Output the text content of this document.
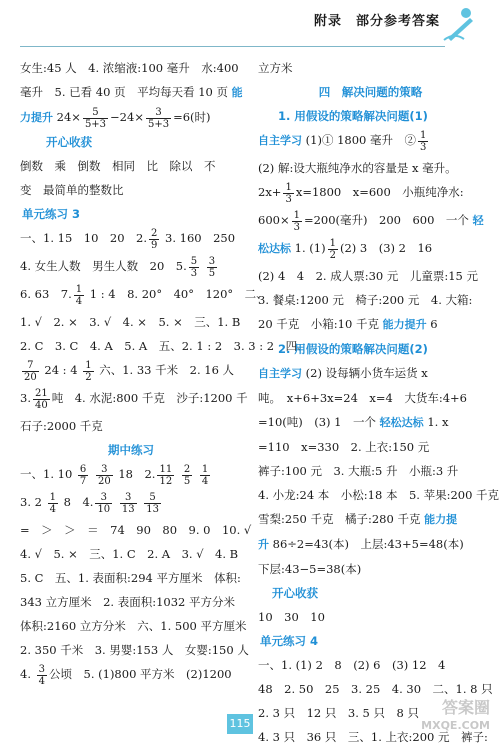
附录　部分参考答案
女生:45 人　4. 浓缩液:100 毫升　水:400
毫升　5. 已看 40 页　平均每天看 10 页 能
力提升 $24\times \frac{5}{5+3} -24\times \frac{3}{5+3} =6$(时)
开心收获
倒数　乘　倒数　相同　比　除以　不
变　最简单的整数比
单元练习 3
一、1. 15　10　20　2. $\frac{2}{9} 3$. 160　250
4. 女生人数　男生人数　20　5. $\frac{5}{3}$
$\frac{3}{5}$
6. 63　7. $\frac{1}{4} 1$ : 4　8. 20°　40°　120°　二、
1. √　2. ×　3. √　4. ×　5. ×　三、1. B
2. C　3. C　4. A　5. A　五、2. 1 : 2　3. 3 : 2　四、
$\frac{7}{20} 24$ : $4 \frac{1}{2}$ 六、1. 33 千米　2. 16 人
3. $\frac{21}{40}$ 吨　4. 水泥:800 千克　沙子:1200 千
石子:2000 千克
期中练习
一、1. $10 \frac{6}{7}$
$\frac{3}{20} 18$　2. $\frac{11}{12}$
$\frac{2}{5}$
$\frac{1}{4}$
3. $2 \frac{1}{4} 8$　4. $\frac{3}{10}$
$\frac{3}{13}$
$\frac{5}{13}$
=　＞　＞　＝　74　90　80　9. 0　10. √
4. √　5. ×　三、1. C　2. A　3. √　4. B
5. C　五、1. 表面积:294 平方厘米　体积:
343 立方厘米　2. 表面积:1032 平方分米
体积:2160 立方分米　六、1. 500 平方厘米
2. 350 千米　3. 男婴:153 人　女婴:150 人
4. $\frac{3}{4}$ 公顷　5. (1)800 平方米　(2)1200
立方米
四　解决问题的策略
1. 用假设的策略解决问题(1)
自主学习 (1)① 1800 毫升　② $\frac{1}{3}$
(2) 解:设大瓶纯净水的容量是 x 毫升。
$2x+ \frac{1}{3} x=1800$　x=600　小瓶纯净水:
$600\times \frac{1}{3} =200$(毫升)　200　600　一个 轻
松达标 1. $(1) \frac{1}{2} (2)$ 3　(3) 2　16
(2) 4　4　2. 成人票:30 元　儿童票:15 元
3. 餐桌:1200 元　椅子:200 元　4. 大箱:
20 千克　小箱:10 千克 能力提升 6
2. 用假设的策略解决问题(2)
自主学习 (2) 设每辆小货车运货 x
吨。　x+6+3x=24　x=4　大货车:4+6
=10(吨)　(3) 1　一个 轻松达标 1. x
=110　x=330　2. 上衣:150 元
裤子:100 元　3. 大瓶:5 升　小瓶:3 升
4. 小龙:24 本　小松:18 本　5. 苹果:200 千克
雪梨:250 千克　橘子:280 千克 能力提
升 86÷2=43(本)　上层:43+5=48(本)
下层:43−5=38(本)
开心收获
10　30　10
单元练习 4
一、1. (1) 2　8　(2) 6　(3) 12　4
48　2. 50　25　3. 25　4. 30　二、1. 8 只
2. 3 只　12 只　3. 5 只　8 只
4. 3 只　36 只　三、1. 上衣:200 元　裤子:
115
答案圈
MXQE.COM
